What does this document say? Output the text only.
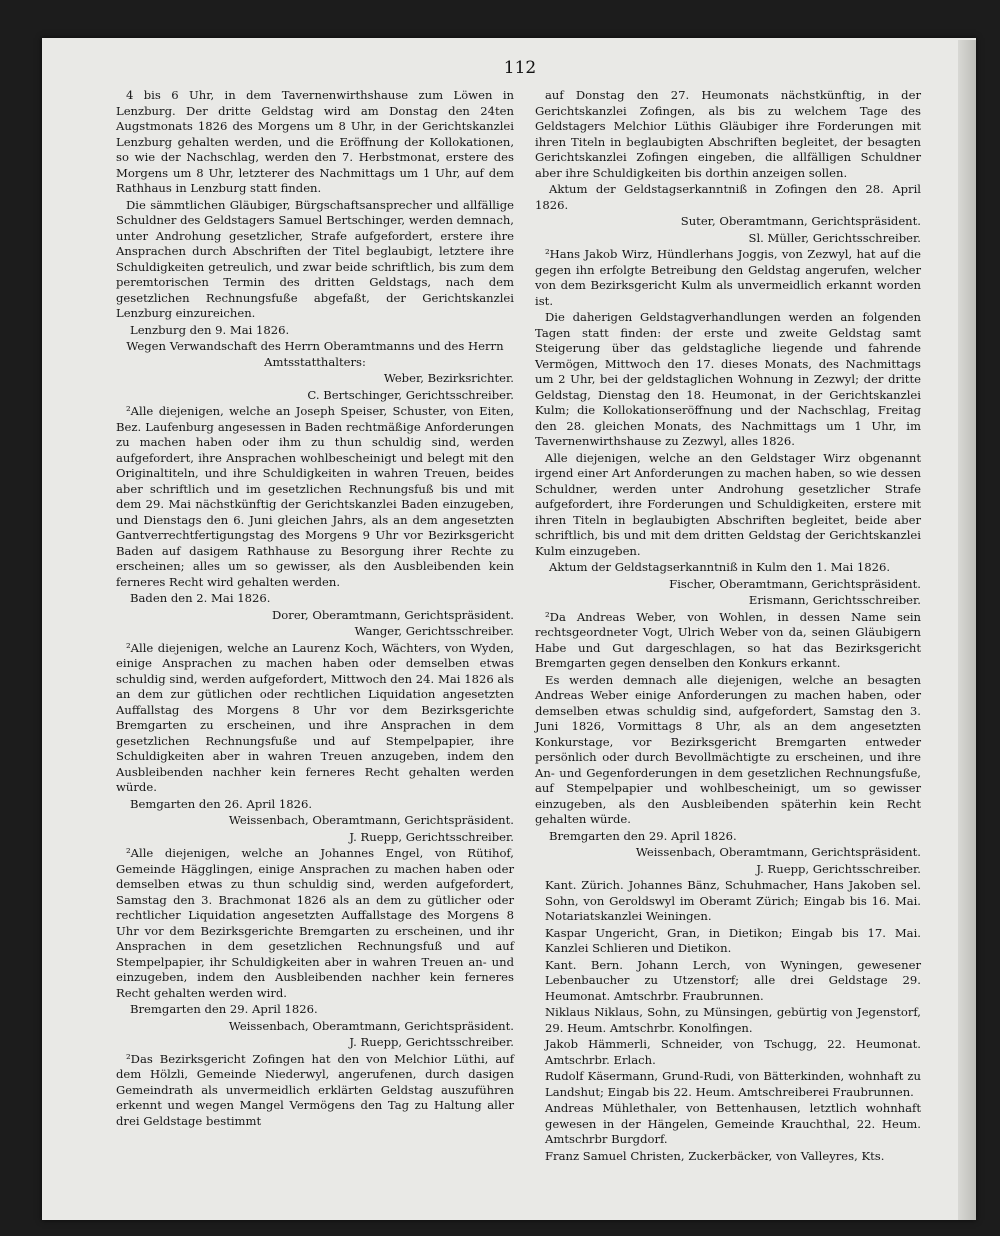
112

4 bis 6 Uhr, in dem Tavernenwirthshause zum Löwen in Lenzburg. Der dritte Geldstag wird am Donstag den 24ten Augstmonats 1826 des Morgens um 8 Uhr, in der Gerichtskanzlei Lenzburg gehalten werden, und die Eröffnung der Kollokationen, so wie der Nachschlag, werden den 7. Herbstmonat, erstere des Morgens um 8 Uhr, letzterer des Nachmittags um 1 Uhr, auf dem Rathhaus in Lenzburg statt finden.

Die sämmtlichen Gläubiger, Bürgschaftsansprecher und allfällige Schuldner des Geldstagers Samuel Bertschinger, werden demnach, unter Androhung gesetzlicher, Strafe aufgefordert, erstere ihre Ansprachen durch Abschriften der Titel beglaubigt, letztere ihre Schuldigkeiten getreulich, und zwar beide schriftlich, bis zum dem peremtorischen Termin des dritten Geldstags, nach dem gesetzlichen Rechnungsfuße abgefaßt, der Gerichtskanzlei Lenzburg einzureichen.

Lenzburg den 9. Mai 1826.

Wegen Verwandschaft des Herrn Oberamtmanns und des Herrn Amtsstatthalters:

Weber, Bezirksrichter.

C. Bertschinger, Gerichtsschreiber.

²Alle diejenigen, welche an Joseph Speiser, Schuster, von Eiten, Bez. Laufenburg angesessen in Baden rechtmäßige Anforderungen zu machen haben oder ihm zu thun schuldig sind, werden aufgefordert, ihre Ansprachen wohlbescheinigt und belegt mit den Originaltiteln, und ihre Schuldigkeiten in wahren Treuen, beides aber schriftlich und im gesetzlichen Rechnungsfuß bis und mit dem 29. Mai nächstkünftig der Gerichtskanzlei Baden einzugeben, und Dienstags den 6. Juni gleichen Jahrs, als an dem angesetzten Gantverrechtfertigungstag des Morgens 9 Uhr vor Bezirksgericht Baden auf dasigem Rathhause zu Besorgung ihrer Rechte zu erscheinen; alles um so gewisser, als den Ausbleibenden kein ferneres Recht wird gehalten werden.

Baden den 2. Mai 1826.

Dorer, Oberamtmann, Gerichtspräsident.

Wanger, Gerichtsschreiber.

²Alle diejenigen, welche an Laurenz Koch, Wächters, von Wyden, einige Ansprachen zu machen haben oder demselben etwas schuldig sind, werden aufgefordert, Mittwoch den 24. Mai 1826 als an dem zur gütlichen oder rechtlichen Liquidation angesetzten Auffallstag des Morgens 8 Uhr vor dem Bezirksgerichte Bremgarten zu erscheinen, und ihre Ansprachen in dem gesetzlichen Rechnungsfuße und auf Stempelpapier, ihre Schuldigkeiten aber in wahren Treuen anzugeben, indem den Ausbleibenden nachher kein ferneres Recht gehalten werden würde.

Bemgarten den 26. April 1826.

Weissenbach, Oberamtmann, Gerichtspräsident.

J. Ruepp, Gerichtsschreiber.

²Alle diejenigen, welche an Johannes Engel, von Rütihof, Gemeinde Hägglingen, einige Ansprachen zu machen haben oder demselben etwas zu thun schuldig sind, werden aufgefordert, Samstag den 3. Brachmonat 1826 als an dem zu gütlicher oder rechtlicher Liquidation angesetzten Auffallstage des Morgens 8 Uhr vor dem Bezirksgerichte Bremgarten zu erscheinen, und ihr Ansprachen in dem gesetzlichen Rechnungsfuß und auf Stempelpapier, ihr Schuldigkeiten aber in wahren Treuen an- und einzugeben, indem den Ausbleibenden nachher kein ferneres Recht gehalten werden wird.

Bremgarten den 29. April 1826.

Weissenbach, Oberamtmann, Gerichtspräsident.

J. Ruepp, Gerichtsschreiber.

²Das Bezirksgericht Zofingen hat den von Melchior Lüthi, auf dem Hölzli, Gemeinde Niederwyl, angerufenen, durch dasigen Gemeindrath als unvermeidlich erklärten Geldstag auszuführen erkennt und wegen Mangel Vermögens den Tag zu Haltung aller drei Geldstage bestimmt

auf Donstag den 27. Heumonats nächstkünftig, in der Gerichtskanzlei Zofingen, als bis zu welchem Tage des Geldstagers Melchior Lüthis Gläubiger ihre Forderungen mit ihren Titeln in beglaubigten Abschriften begleitet, der besagten Gerichtskanzlei Zofingen eingeben, die allfälligen Schuldner aber ihre Schuldigkeiten bis dorthin anzeigen sollen.

Aktum der Geldstagserkanntniß in Zofingen den 28. April 1826.

Suter, Oberamtmann, Gerichtspräsident.

Sl. Müller, Gerichtsschreiber.

²Hans Jakob Wirz, Hündlerhans Joggis, von Zezwyl, hat auf die gegen ihn erfolgte Betreibung den Geldstag angerufen, welcher von dem Bezirksgericht Kulm als unvermeidlich erkannt worden ist.

Die daherigen Geldstagverhandlungen werden an folgenden Tagen statt finden: der erste und zweite Geldstag samt Steigerung über das geldstagliche liegende und fahrende Vermögen, Mittwoch den 17. dieses Monats, des Nachmittags um 2 Uhr, bei der geldstaglichen Wohnung in Zezwyl; der dritte Geldstag, Dienstag den 18. Heumonat, in der Gerichtskanzlei Kulm; die Kollokationseröffnung und der Nachschlag, Freitag den 28. gleichen Monats, des Nachmittags um 1 Uhr, im Tavernenwirthshause zu Zezwyl, alles 1826.

Alle diejenigen, welche an den Geldstager Wirz obgenannt irgend einer Art Anforderungen zu machen haben, so wie dessen Schuldner, werden unter Androhung gesetzlicher Strafe aufgefordert, ihre Forderungen und Schuldigkeiten, erstere mit ihren Titeln in beglaubigten Abschriften begleitet, beide aber schriftlich, bis und mit dem dritten Geldstag der Gerichtskanzlei Kulm einzugeben.

Aktum der Geldstagserkanntniß in Kulm den 1. Mai 1826.

Fischer, Oberamtmann, Gerichtspräsident.

Erismann, Gerichtsschreiber.

²Da Andreas Weber, von Wohlen, in dessen Name sein rechtsgeordneter Vogt, Ulrich Weber von da, seinen Gläubigern Habe und Gut dargeschlagen, so hat das Bezirksgericht Bremgarten gegen denselben den Konkurs erkannt.

Es werden demnach alle diejenigen, welche an besagten Andreas Weber einige Anforderungen zu machen haben, oder demselben etwas schuldig sind, aufgefordert, Samstag den 3. Juni 1826, Vormittags 8 Uhr, als an dem angesetzten Konkurstage, vor Bezirksgericht Bremgarten entweder persönlich oder durch Bevollmächtigte zu erscheinen, und ihre An- und Gegenforderungen in dem gesetzlichen Rechnungsfuße, auf Stempelpapier und wohlbescheinigt, um so gewisser einzugeben, als den Ausbleibenden späterhin kein Recht gehalten würde.

Bremgarten den 29. April 1826.

Weissenbach, Oberamtmann, Gerichtspräsident.

J. Ruepp, Gerichtsschreiber.

Kant. Zürich. Johannes Bänz, Schuhmacher, Hans Jakoben sel. Sohn, von Geroldswyl im Oberamt Zürich; Eingab bis 16. Mai. Notariatskanzlei Weiningen.

Kaspar Ungericht, Gran, in Dietikon; Eingab bis 17. Mai. Kanzlei Schlieren und Dietikon.

Kant. Bern. Johann Lerch, von Wyningen, gewesener Lebenbaucher zu Utzenstorf; alle drei Geldstage 29. Heumonat. Amtschrbr. Fraubrunnen.

Niklaus Niklaus, Sohn, zu Münsingen, gebürtig von Jegenstorf, 29. Heum. Amtschrbr. Konolfingen.

Jakob Hämmerli, Schneider, von Tschugg, 22. Heumonat. Amtschrbr. Erlach.

Rudolf Käsermann, Grund-Rudi, von Bätterkinden, wohnhaft zu Landshut; Eingab bis 22. Heum. Amtschreiberei Fraubrunnen.

Andreas Mühlethaler, von Bettenhausen, letztlich wohnhaft gewesen in der Hängelen, Gemeinde Krauchthal, 22. Heum. Amtschrbr Burgdorf.

Franz Samuel Christen, Zuckerbäcker, von Valleyres, Kts.
